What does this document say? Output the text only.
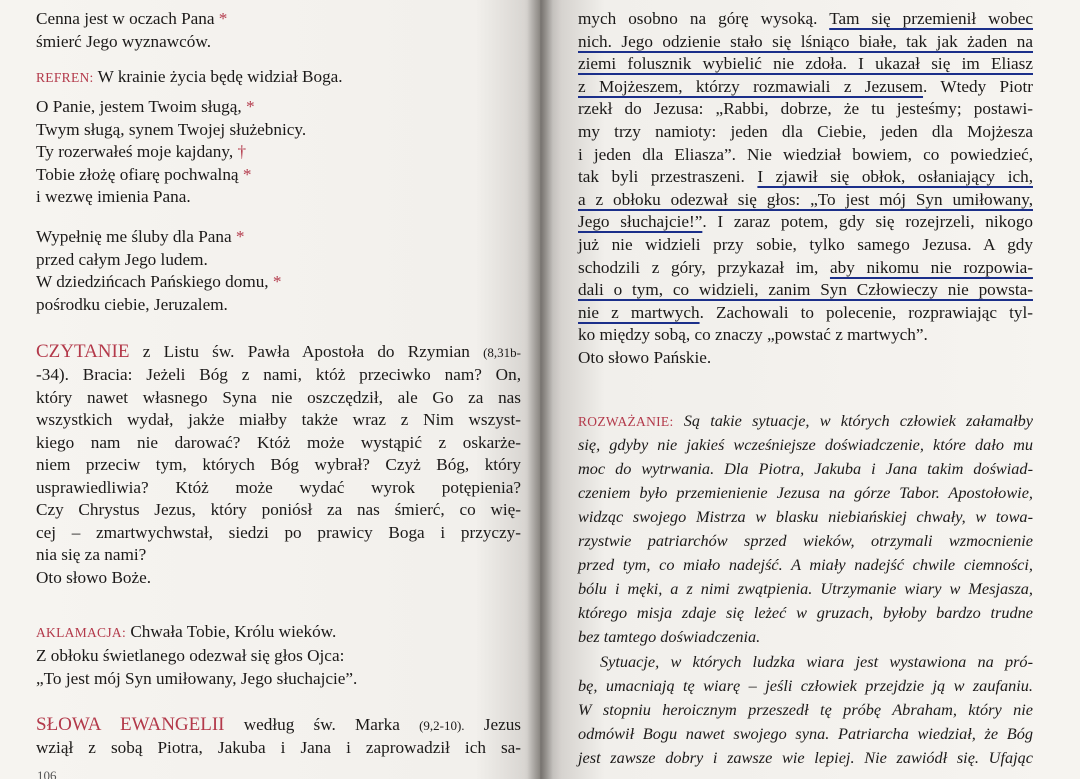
Cenna jest w oczach Pana *
śmierć Jego wyznawców.
REFREN: W krainie życia będę widział Boga.
O Panie, jestem Twoim sługą, *
Twym sługą, synem Twojej służebnicy.
Ty rozerwałeś moje kajdany, †
Tobie złożę ofiarę pochwalną *
i wezwę imienia Pana.
Wypełnię me śluby dla Pana *
przed całym Jego ludem.
W dziedzińcach Pańskiego domu, *
pośrodku ciebie, Jeruzalem.
CZYTANIE z Listu św. Pawła Apostoła do Rzymian (8,31b-
-34). Bracia: Jeżeli Bóg z nami, któż przeciwko nam? On,
który nawet własnego Syna nie oszczędził, ale Go za nas
wszystkich wydał, jakże miałby także wraz z Nim wszyst-
kiego nam nie darować? Któż może wystąpić z oskarże-
niem przeciw tym, których Bóg wybrał? Czyż Bóg, który
usprawiedliwia? Któż może wydać wyrok potępienia?
Czy Chrystus Jezus, który poniósł za nas śmierć, co wię-
cej – zmartwychwstał, siedzi po prawicy Boga i przyczy-
nia się za nami?
Oto słowo Boże.
AKLAMACJA: Chwała Tobie, Królu wieków.
Z obłoku świetlanego odezwał się głos Ojca:
„To jest mój Syn umiłowany, Jego słuchajcie”.
SŁOWA EWANGELII według św. Marka (9,2-10). Jezus
wziął z sobą Piotra, Jakuba i Jana i zaprowadził ich sa-
106
mych osobno na górę wysoką. Tam się przemienił wobec
nich. Jego odzienie stało się lśniąco białe, tak jak żaden na
ziemi folusznik wybielić nie zdoła. I ukazał się im Eliasz
z Mojżeszem, którzy rozmawiali z Jezusem. Wtedy Piotr
rzekł do Jezusa: „Rabbi, dobrze, że tu jesteśmy; postawi-
my trzy namioty: jeden dla Ciebie, jeden dla Mojżesza
i jeden dla Eliasza”. Nie wiedział bowiem, co powiedzieć,
tak byli przestraszeni. I zjawił się obłok, osłaniający ich,
a z obłoku odezwał się głos: „To jest mój Syn umiłowany,
Jego słuchajcie!”. I zaraz potem, gdy się rozejrzeli, nikogo
już nie widzieli przy sobie, tylko samego Jezusa. A gdy
schodzili z góry, przykazał im, aby nikomu nie rozpowia-
dali o tym, co widzieli, zanim Syn Człowieczy nie powsta-
nie z martwych. Zachowali to polecenie, rozprawiając tyl-
ko między sobą, co znaczy „powstać z martwych”.
Oto słowo Pańskie.
ROZWAŻANIE: Są takie sytuacje, w których człowiek załamałby
się, gdyby nie jakieś wcześniejsze doświadczenie, które dało mu
moc do wytrwania. Dla Piotra, Jakuba i Jana takim doświad-
czeniem było przemienienie Jezusa na górze Tabor. Apostołowie,
widząc swojego Mistrza w blasku niebiańskiej chwały, w towa-
rzystwie patriarchów sprzed wieków, otrzymali wzmocnienie
przed tym, co miało nadejść. A miały nadejść chwile ciemności,
bólu i męki, a z nimi zwątpienia. Utrzymanie wiary w Mesjasza,
którego misja zdaje się leżeć w gruzach, byłoby bardzo trudne
bez tamtego doświadczenia.
Sytuacje, w których ludzka wiara jest wystawiona na pró-
bę, umacniają tę wiarę – jeśli człowiek przejdzie ją w zaufaniu.
W stopniu heroicznym przeszedł tę próbę Abraham, który nie
odmówił Bogu nawet swojego syna. Patriarcha wiedział, że Bóg
jest zawsze dobry i zawsze wie lepiej. Nie zawiódł się. Ufając
